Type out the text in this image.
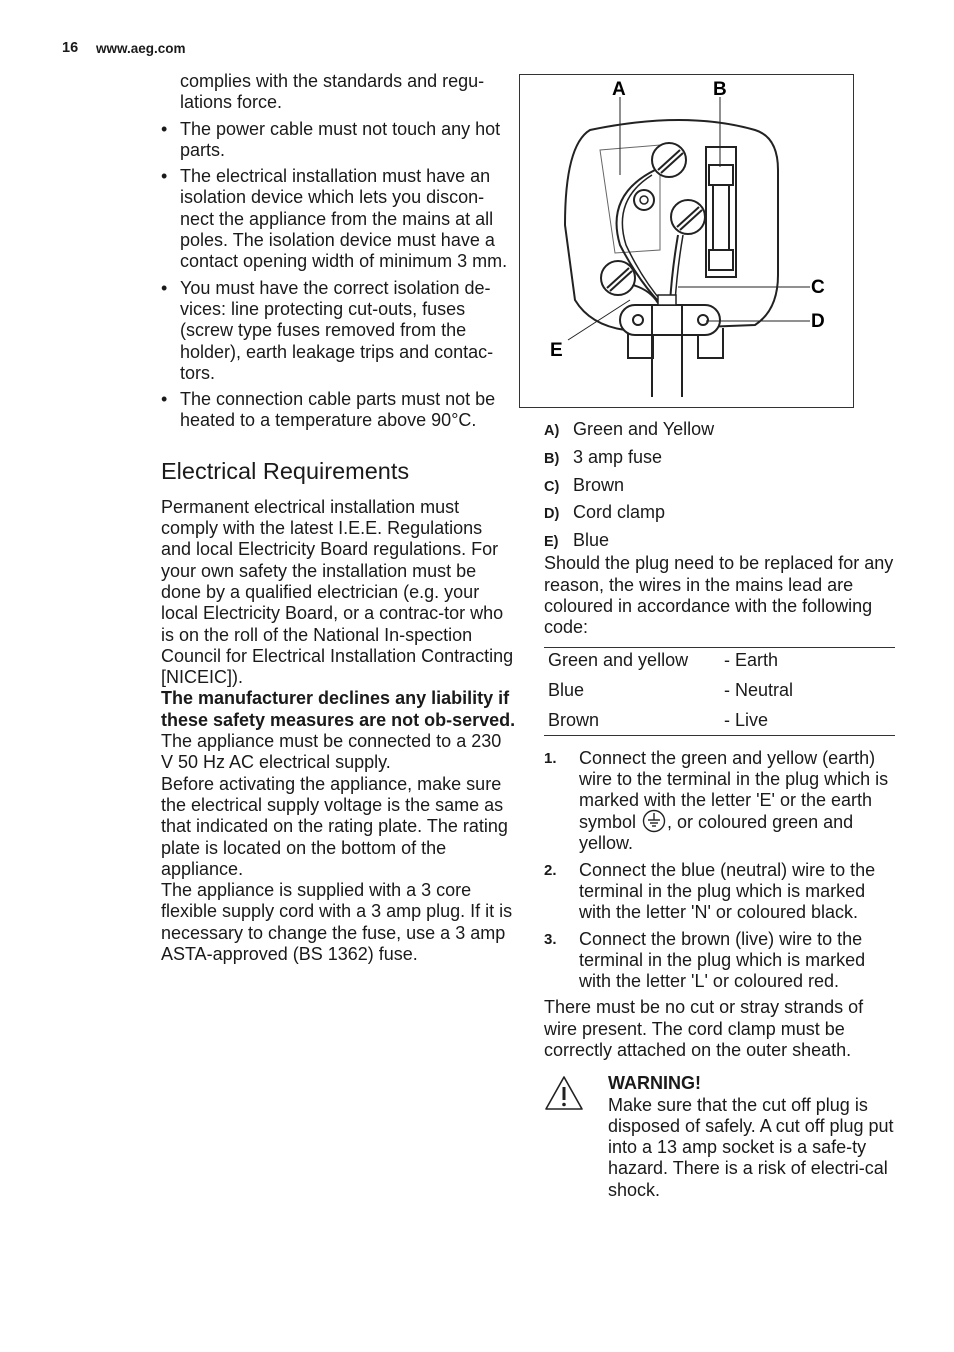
16 www.aeg.com

complies with the standards and regu-lations force.

• The power cable must not touch any hot parts.
• The electrical installation must have an isolation device which lets you discon-nect the appliance from the mains at all poles. The isolation device must have a contact opening width of minimum 3 mm.
• You must have the correct isolation de-vices: line protecting cut-outs, fuses (screw type fuses removed from the holder), earth leakage trips and contac-tors.
• The connection cable parts must not be heated to a temperature above 90°C.
Electrical Requirements

Permanent electrical installation must comply with the latest I.E.E. Regulations and local Electricity Board regulations. For your own safety the installation must be done by a qualified electrician (e.g. your local Electricity Board, or a contrac-tor who is on the roll of the National In-spection Council for Electrical Installation Contracting [NICEIC]).

The manufacturer declines any liability if these safety measures are not ob-served.

The appliance must be connected to a 230 V 50 Hz AC electrical supply.

Before activating the appliance, make sure the electrical supply voltage is the same as that indicated on the rating plate. The rating plate is located on the bottom of the appliance.

The appliance is supplied with a 3 core flexible supply cord with a 3 amp plug. If it is necessary to change the fuse, use a 3 amp ASTA-approved (BS 1362) fuse.

A	B
C
D
E
A) Green and Yellow
B) 3 amp fuse
C) Brown
D) Cord clamp
E) Blue

Should the plug need to be replaced for any reason, the wires in the mains lead are coloured in accordance with the following code:

Green and yellow	- Earth
Blue	- Neutral
Brown	- Live
1. Connect the green and yellow (earth) wire to the terminal in the plug which is marked with the letter 'E' or the earth symbol , or coloured green and yellow.
2. Connect the blue (neutral) wire to the terminal in the plug which is marked with the letter 'N' or coloured black.
3. Connect the brown (live) wire to the terminal in the plug which is marked with the letter 'L' or coloured red.

There must be no cut or stray strands of wire present. The cord clamp must be correctly attached on the outer sheath.

WARNING!
Make sure that the cut off plug is disposed of safely. A cut off plug put into a 13 amp socket is a safe-ty hazard. There is a risk of electri-cal shock.
